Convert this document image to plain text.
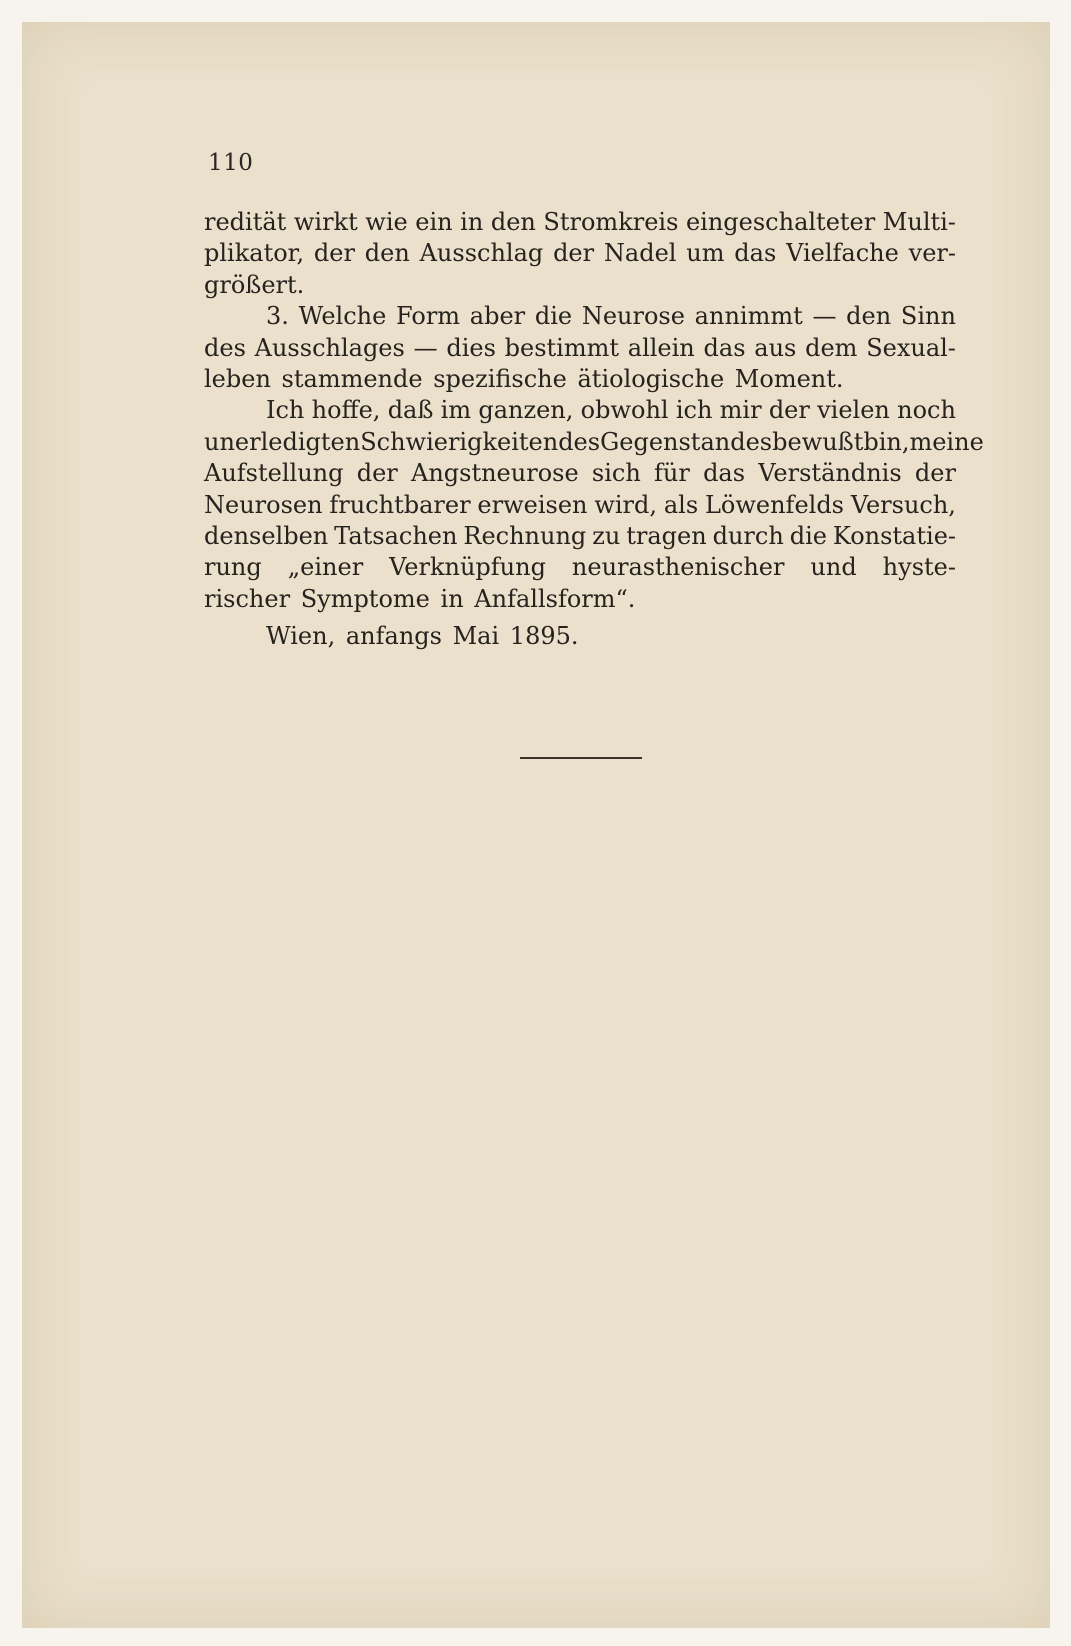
110
redität wirkt wie ein in den Stromkreis eingeschalteter Multi-
plikator, der den Ausschlag der Nadel um das Vielfache ver-
größert.
3. Welche Form aber die Neurose annimmt — den Sinn
des Ausschlages — dies bestimmt allein das aus dem Sexual-
leben
stammende
spezifische
ätiologische
Moment.
Ich hoffe, daß im ganzen, obwohl ich mir der vielen noch
unerledigten Schwierigkeiten des Gegenstandes bewußt bin, meine
Aufstellung der Angstneurose sich für das Verständnis der
Neurosen fruchtbarer erweisen wird, als Löwenfelds Versuch,
denselben Tatsachen Rechnung zu tragen durch die Konstatie-
rung „einer Verknüpfung neurasthenischer und hyste-
rischer
Symptome
in
Anfallsform“.
Wien,
anfangs
Mai
1895.
